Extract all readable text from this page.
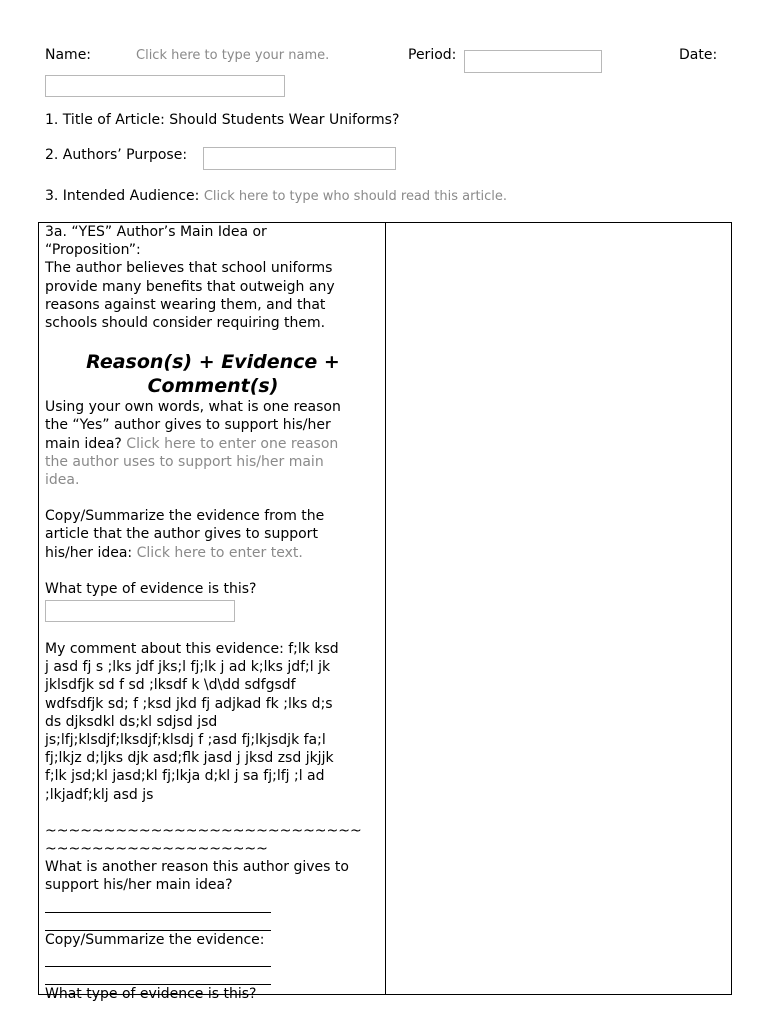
Name:	Click here to type your name.	Period:	Date:
1. Title of Article: Should Students Wear Uniforms?
2. Authors’ Purpose:
3. Intended Audience: Click here to type who should read this article.

3a. “YES” Author’s Main Idea or

“Proposition”:

The author believes that school uniforms

provide many benefits that outweigh any

reasons against wearing them, and that

schools should consider requiring them.

Reason(s) + Evidence +

Comment(s)

Using your own words, what is one reason

the “Yes” author gives to support his/her

main idea? Click here to enter one reason

the author uses to support his/her main

idea.

Copy/Summarize the evidence from the

article that the author gives to support

his/her idea: Click here to enter text.

What type of evidence is this?

My comment about this evidence: f;lk ksd

j asd fj s ;lks jdf jks;l fj;lk j ad k;lks jdf;l jk

jklsdfjk sd f sd ;lksdf k \d\dd sdfgsdf

wdfsdfjk sd; f ;ksd jkd fj adjkad fk ;lks d;s

ds djksdkl ds;kl sdjsd jsd

js;lfj;klsdjf;lksdjf;klsdj f ;asd fj;lkjsdjk fa;l

fj;lkjz d;ljks djk asd;flk jasd j jksd zsd jkjjk

f;lk jsd;kl jasd;kl fj;lkja d;kl j sa fj;lfj ;l ad

;lkjadf;klj asd js

~~~~~~~~~~~~~~~~~~~~~~~~~~~

~~~~~~~~~~~~~~~~~~~

What is another reason this author gives to

support his/her main idea?

Copy/Summarize the evidence:

What type of evidence is this?
